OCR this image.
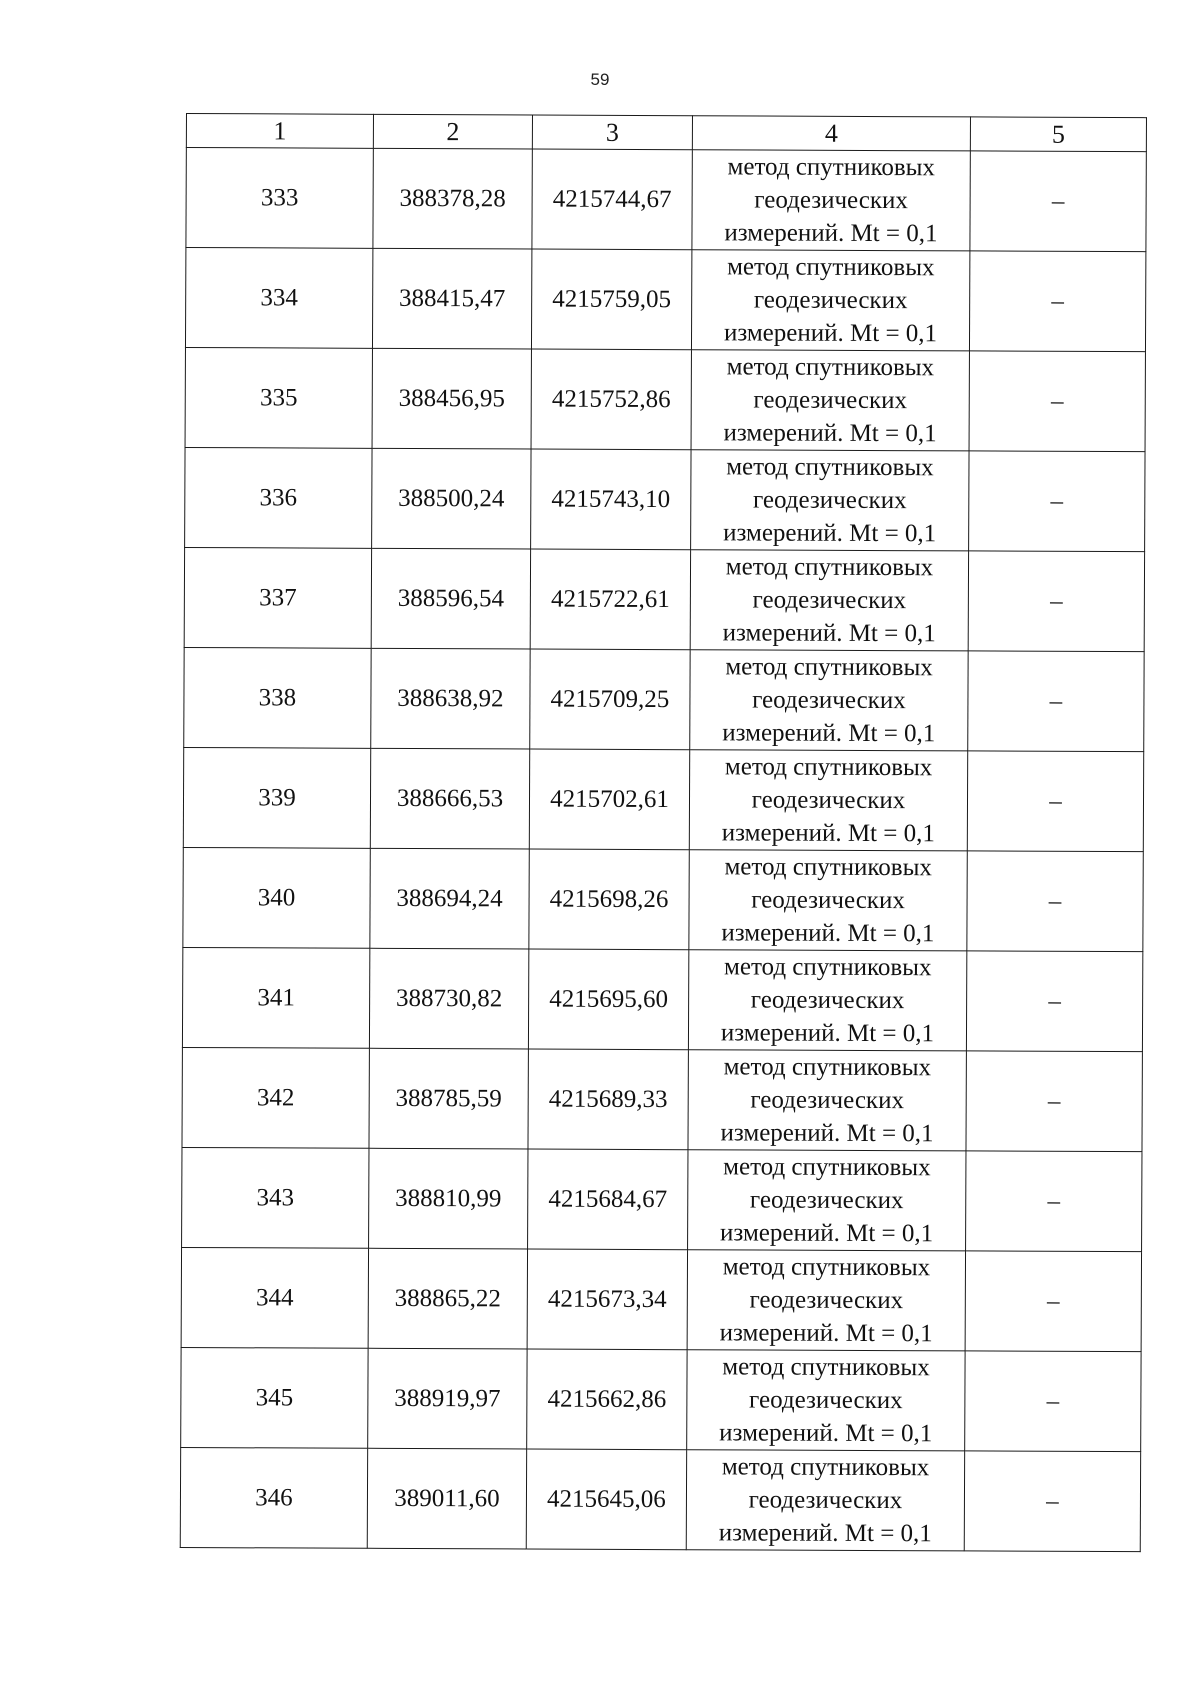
59
1	2	3	4	5
333	388378,28	4215744,67	метод спутниковых
геодезических
измерений. Mt = 0,1	–
334	388415,47	4215759,05	метод спутниковых
геодезических
измерений. Mt = 0,1	–
335	388456,95	4215752,86	метод спутниковых
геодезических
измерений. Mt = 0,1	–
336	388500,24	4215743,10	метод спутниковых
геодезических
измерений. Mt = 0,1	–
337	388596,54	4215722,61	метод спутниковых
геодезических
измерений. Mt = 0,1	–
338	388638,92	4215709,25	метод спутниковых
геодезических
измерений. Mt = 0,1	–
339	388666,53	4215702,61	метод спутниковых
геодезических
измерений. Mt = 0,1	–
340	388694,24	4215698,26	метод спутниковых
геодезических
измерений. Mt = 0,1	–
341	388730,82	4215695,60	метод спутниковых
геодезических
измерений. Mt = 0,1	–
342	388785,59	4215689,33	метод спутниковых
геодезических
измерений. Mt = 0,1	–
343	388810,99	4215684,67	метод спутниковых
геодезических
измерений. Mt = 0,1	–
344	388865,22	4215673,34	метод спутниковых
геодезических
измерений. Mt = 0,1	–
345	388919,97	4215662,86	метод спутниковых
геодезических
измерений. Mt = 0,1	–
346	389011,60	4215645,06	метод спутниковых
геодезических
измерений. Mt = 0,1	–
